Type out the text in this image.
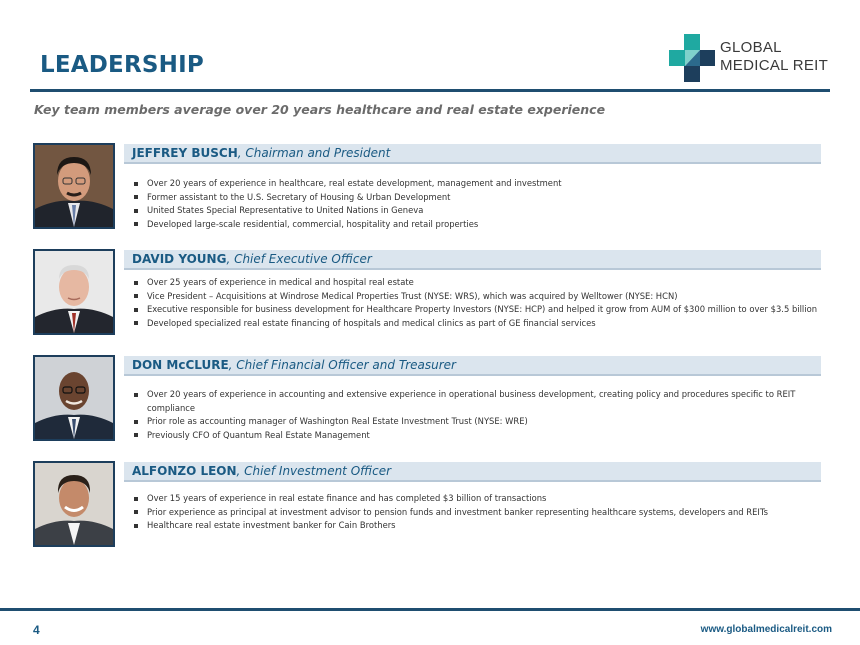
LEADERSHIP
GLOBAL
MEDICAL REIT
Key team members average over 20 years healthcare and real estate experience
JEFFREY BUSCH, Chairman and President
Over 20 years of experience in healthcare, real estate development, management and investment
Former assistant to the U.S. Secretary of Housing & Urban Development
United States Special Representative to United Nations in Geneva
Developed large-scale residential, commercial, hospitality and retail properties
DAVID YOUNG, Chief Executive Officer
Over 25 years of experience in medical and hospital real estate
Vice President – Acquisitions at Windrose Medical Properties Trust (NYSE: WRS), which was acquired by Welltower (NYSE: HCN)
Executive responsible for business development for Healthcare Property Investors (NYSE: HCP) and helped it grow from AUM of $300 million to over $3.5 billion
Developed specialized real estate financing of hospitals and medical clinics as part of GE financial services
DON McCLURE, Chief Financial Officer and Treasurer
Over 20 years of experience in accounting and extensive experience in operational business development, creating policy and procedures specific to REIT compliance
Prior role as accounting manager of Washington Real Estate Investment Trust (NYSE: WRE)
Previously CFO of Quantum Real Estate Management
ALFONZO LEON, Chief Investment Officer
Over 15 years of experience in real estate finance and has completed $3 billion of transactions
Prior experience as principal at investment advisor to pension funds and investment banker representing healthcare systems, developers and REITs
Healthcare real estate investment banker for Cain Brothers
4	www.globalmedicalreit.com
